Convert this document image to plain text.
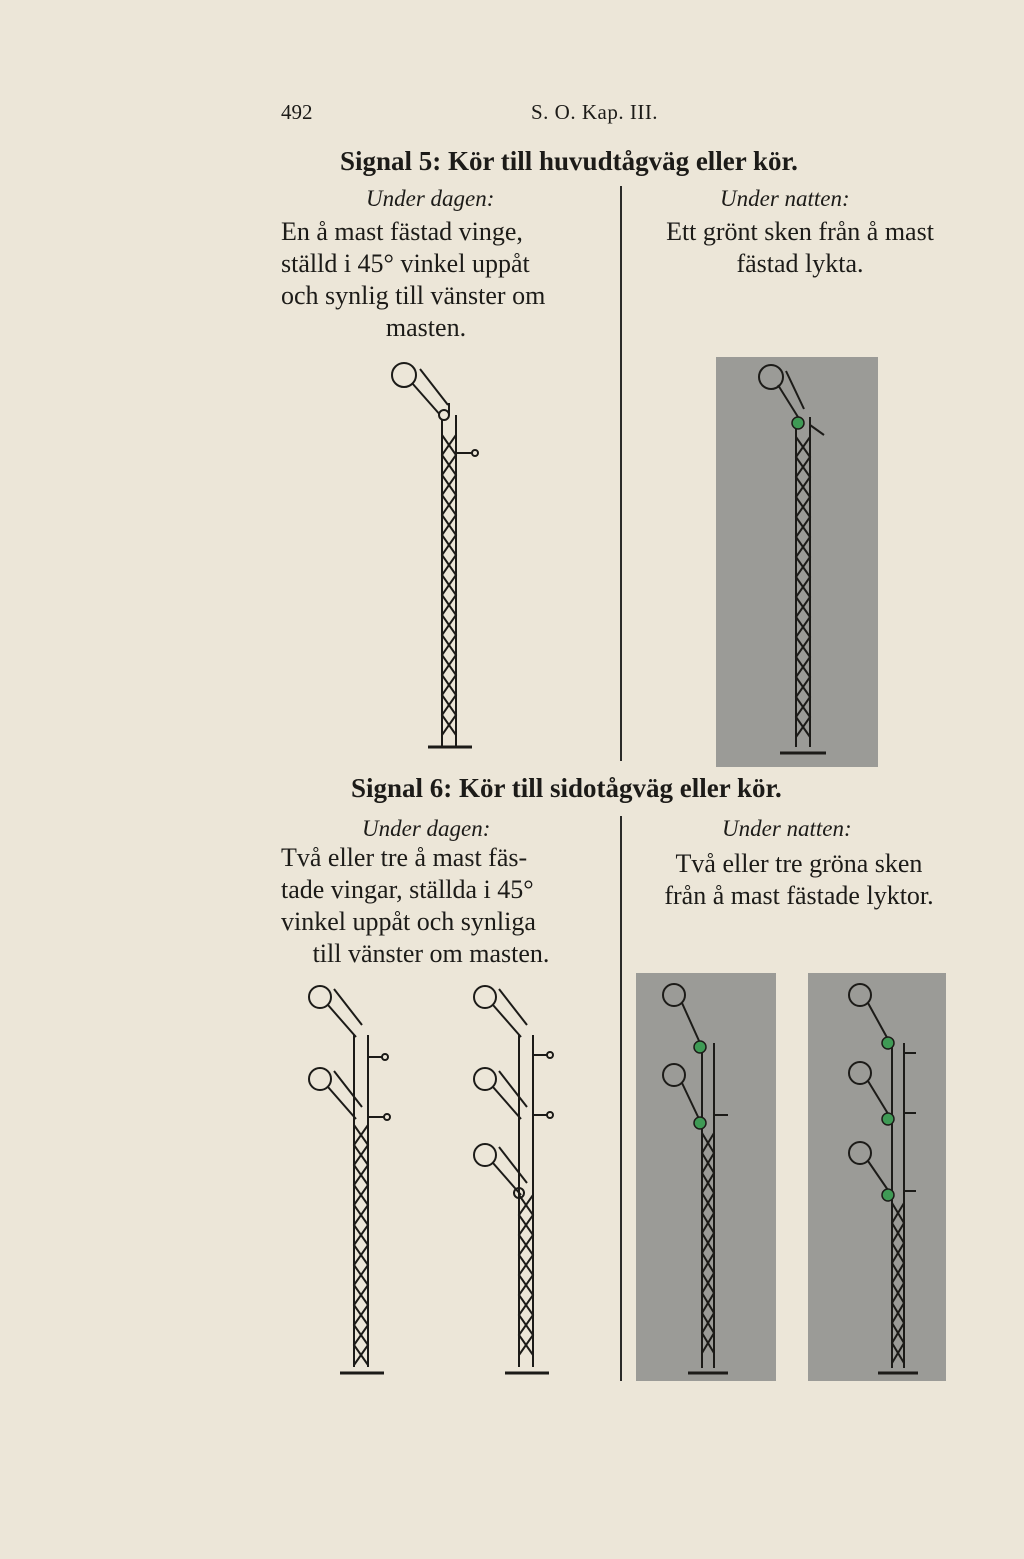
492	S. O. Kap. III.
Signal 5: Kör till huvudtågväg eller kör.
Under dagen:
En å mast fästad vinge,
ställd i 45° vinkel uppåt
och synlig till vänster om
masten.
Under natten:
Ett grönt sken från å mast
fästad lykta.
Signal 6: Kör till sidotågväg eller kör.
Under dagen:
Två eller tre å mast fäs-
tade vingar, ställda i 45°
vinkel uppåt och synliga
till vänster om masten.
Under natten:
Två eller tre gröna sken
från å mast fästade lyktor.
